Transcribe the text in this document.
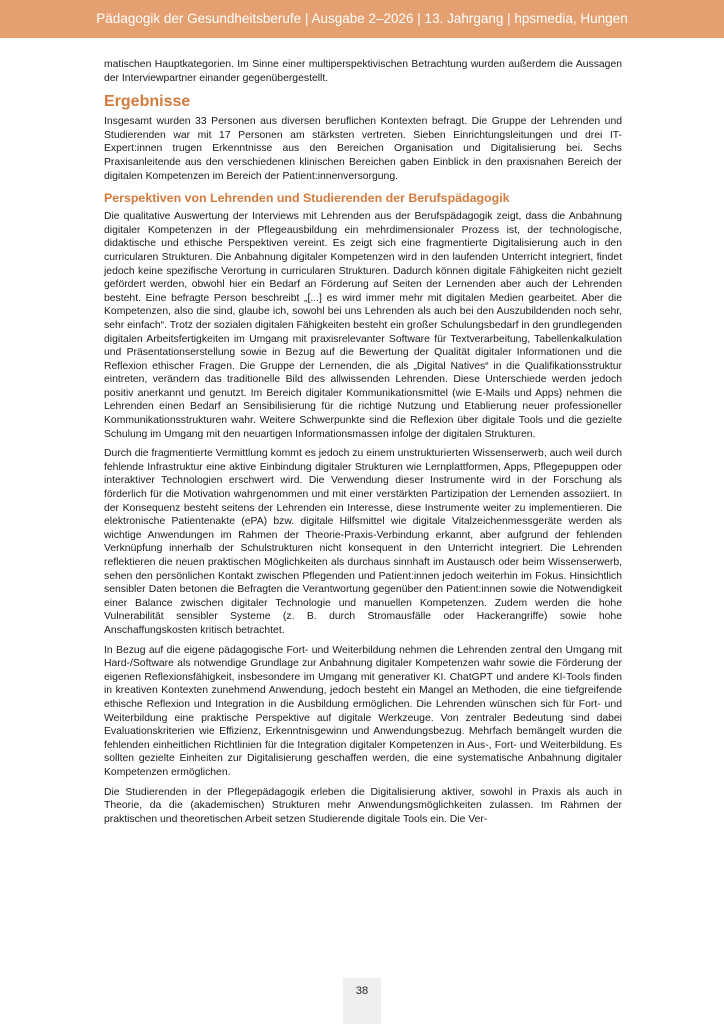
Pädagogik der Gesundheitsberufe | Ausgabe 2–2026 | 13. Jahrgang | hpsmedia, Hungen

matischen Hauptkategorien. Im Sinne einer multiperspektivischen Betrachtung wurden außerdem die Aussagen der Interviewpartner einander gegenübergestellt.

Ergebnisse

Insgesamt wurden 33 Personen aus diversen beruflichen Kontexten befragt. Die Gruppe der Lehrenden und Studierenden war mit 17 Personen am stärksten vertreten. Sieben Einrichtungsleitungen und drei IT-Expert:innen trugen Erkenntnisse aus den Bereichen Organisation und Digitalisierung bei. Sechs Praxisanleitende aus den verschiedenen klinischen Bereichen gaben Einblick in den praxisnahen Bereich der digitalen Kompetenzen im Bereich der Patient:innenversorgung.

Perspektiven von Lehrenden und Studierenden der Berufspädagogik

Die qualitative Auswertung der Interviews mit Lehrenden aus der Berufspädagogik zeigt, dass die Anbahnung digitaler Kompetenzen in der Pflegeausbildung ein mehrdimensionaler Prozess ist, der technologische, didaktische und ethische Perspektiven vereint. Es zeigt sich eine fragmentierte Digitalisierung auch in den curricularen Strukturen. Die Anbahnung digitaler Kompetenzen wird in den laufenden Unterricht integriert, findet jedoch keine spezifische Verortung in curricularen Strukturen. Dadurch können digitale Fähigkeiten nicht gezielt gefördert werden, obwohl hier ein Bedarf an Förderung auf Seiten der Lernenden aber auch der Lehrenden besteht. Eine befragte Person beschreibt „[...] es wird immer mehr mit digitalen Medien gearbeitet. Aber die Kompetenzen, also die sind, glaube ich, sowohl bei uns Lehrenden als auch bei den Auszubildenden noch sehr, sehr einfach“. Trotz der sozialen digitalen Fähigkeiten besteht ein großer Schulungsbedarf in den grundlegenden digitalen Arbeitsfertigkeiten im Umgang mit praxisrelevanter Software für Textverarbeitung, Tabellenkalkulation und Präsentationserstellung sowie in Bezug auf die Bewertung der Qualität digitaler Informationen und die Reflexion ethischer Fragen. Die Gruppe der Lernenden, die als „Digital Natives“ in die Qualifikationsstruktur eintreten, verändern das traditionelle Bild des allwissenden Lehrenden. Diese Unterschiede werden jedoch positiv anerkannt und genutzt. Im Bereich digitaler Kommunikationsmittel (wie E-Mails und Apps) nehmen die Lehrenden einen Bedarf an Sensibilisierung für die richtige Nutzung und Etablierung neuer professioneller Kommunikationsstrukturen wahr. Weitere Schwerpunkte sind die Reflexion über digitale Tools und die gezielte Schulung im Umgang mit den neuartigen Informationsmassen infolge der digitalen Strukturen.

Durch die fragmentierte Vermittlung kommt es jedoch zu einem unstrukturierten Wissenserwerb, auch weil durch fehlende Infrastruktur eine aktive Einbindung digitaler Strukturen wie Lernplattformen, Apps, Pflegepuppen oder interaktiver Technologien erschwert wird. Die Verwendung dieser Instrumente wird in der Forschung als förderlich für die Motivation wahrgenommen und mit einer verstärkten Partizipation der Lernenden assoziiert. In der Konsequenz besteht seitens der Lehrenden ein Interesse, diese Instrumente weiter zu implementieren. Die elektronische Patientenakte (ePA) bzw. digitale Hilfsmittel wie digitale Vitalzeichenmessgeräte werden als wichtige Anwendungen im Rahmen der Theorie-Praxis-Verbindung erkannt, aber aufgrund der fehlenden Verknüpfung innerhalb der Schulstrukturen nicht konsequent in den Unterricht integriert. Die Lehrenden reflektieren die neuen praktischen Möglichkeiten als durchaus sinnhaft im Austausch oder beim Wissenserwerb, sehen den persönlichen Kontakt zwischen Pflegenden und Patient:innen jedoch weiterhin im Fokus. Hinsichtlich sensibler Daten betonen die Befragten die Verantwortung gegenüber den Patient:innen sowie die Notwendigkeit einer Balance zwischen digitaler Technologie und manuellen Kompetenzen. Zudem werden die hohe Vulnerabilität sensibler Systeme (z. B. durch Stromausfälle oder Hackerangriffe) sowie hohe Anschaffungskosten kritisch betrachtet.

In Bezug auf die eigene pädagogische Fort- und Weiterbildung nehmen die Lehrenden zentral den Umgang mit Hard-/Software als notwendige Grundlage zur Anbahnung digitaler Kompetenzen wahr sowie die Förderung der eigenen Reflexionsfähigkeit, insbesondere im Umgang mit generativer KI. ChatGPT und andere KI-Tools finden in kreativen Kontexten zunehmend Anwendung, jedoch besteht ein Mangel an Methoden, die eine tiefgreifende ethische Reflexion und Integration in die Ausbildung ermöglichen. Die Lehrenden wünschen sich für Fort- und Weiterbildung eine praktische Perspektive auf digitale Werkzeuge. Von zentraler Bedeutung sind dabei Evaluationskriterien wie Effizienz, Erkenntnisgewinn und Anwendungsbezug. Mehrfach bemängelt wurden die fehlenden einheitlichen Richtlinien für die Integration digitaler Kompetenzen in Aus-, Fort- und Weiterbildung. Es sollten gezielte Einheiten zur Digitalisierung geschaffen werden, die eine systematische Anbahnung digitaler Kompetenzen ermöglichen.

Die Studierenden in der Pflegepädagogik erleben die Digitalisierung aktiver, sowohl in Praxis als auch in Theorie, da die (akademischen) Strukturen mehr Anwendungsmöglichkeiten zulassen. Im Rahmen der praktischen und theoretischen Arbeit setzen Studierende digitale Tools ein. Die Ver-

38
